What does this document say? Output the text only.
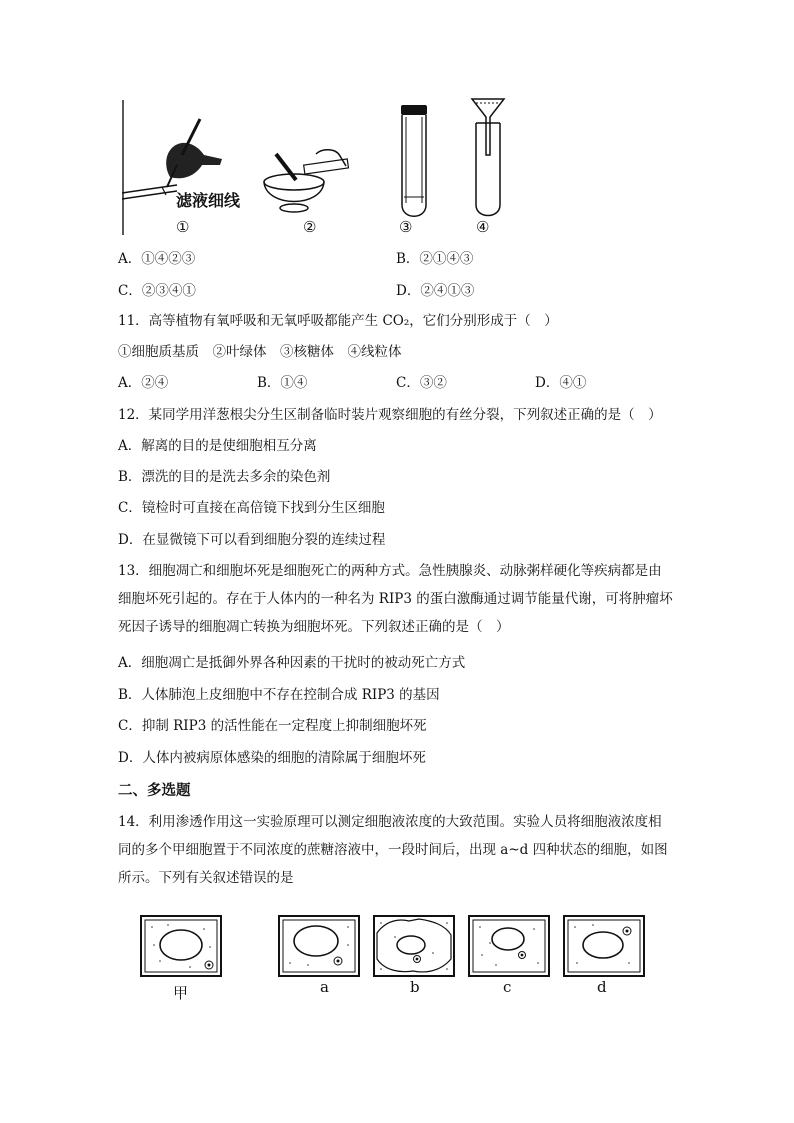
滤液细线
①	②	③	④
A．①④②③	B．②①④③
C．②③④①	D．②④①③
11．高等植物有氧呼吸和无氧呼吸都能产生 CO₂，它们分别形成于（　）
①细胞质基质　②叶绿体　③核糖体　④线粒体
A．②④	B．①④	C．③②	D．④①
12．某同学用洋葱根尖分生区制备临时装片观察细胞的有丝分裂，下列叙述正确的是（　）
A．解离的目的是使细胞相互分离
B．漂洗的目的是洗去多余的染色剂
C．镜检时可直接在高倍镜下找到分生区细胞
D．在显微镜下可以看到细胞分裂的连续过程
13．细胞凋亡和细胞坏死是细胞死亡的两种方式。急性胰腺炎、动脉粥样硬化等疾病都是由细胞坏死引起的。存在于人体内的一种名为 RIP3 的蛋白激酶通过调节能量代谢，可将肿瘤坏死因子诱导的细胞凋亡转换为细胞坏死。下列叙述正确的是（　）
A．细胞凋亡是抵御外界各种因素的干扰时的被动死亡方式
B．人体肺泡上皮细胞中不存在控制合成 RIP3 的基因
C．抑制 RIP3 的活性能在一定程度上抑制细胞坏死
D．人体内被病原体感染的细胞的清除属于细胞坏死
二、多选题
14．利用渗透作用这一实验原理可以测定细胞液浓度的大致范围。实验人员将细胞液浓度相同的多个甲细胞置于不同浓度的蔗糖溶液中，一段时间后，出现 a~d 四种状态的细胞，如图所示。下列有关叙述错误的是
甲	a	b	c	d
